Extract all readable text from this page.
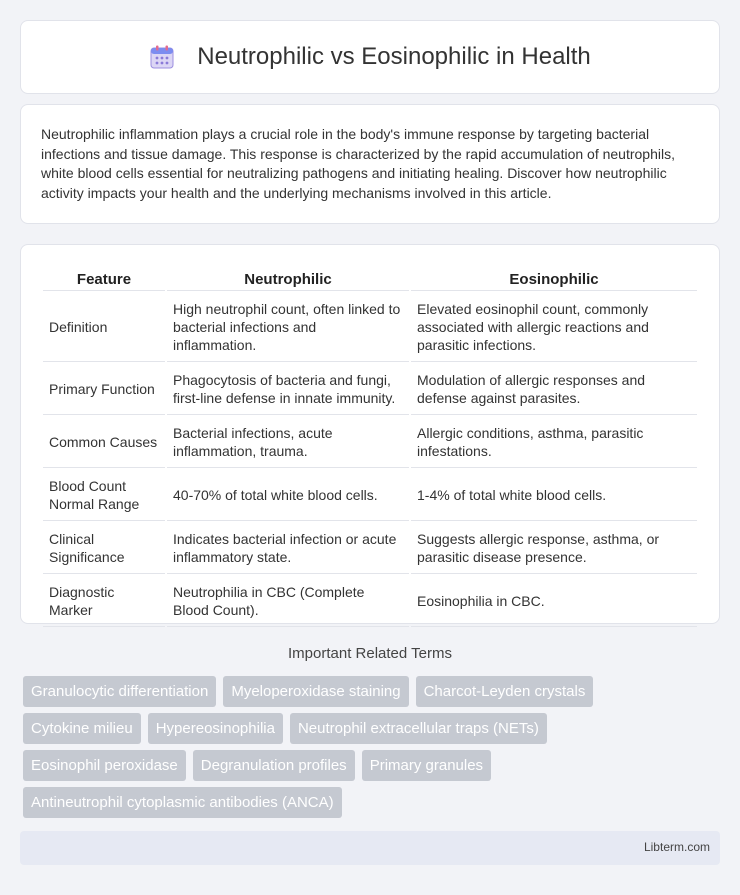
Neutrophilic vs Eosinophilic in Health

Neutrophilic inflammation plays a crucial role in the body's immune response by targeting bacterial infections and tissue damage. This response is characterized by the rapid accumulation of neutrophils, white blood cells essential for neutralizing pathogens and initiating healing. Discover how neutrophilic activity impacts your health and the underlying mechanisms involved in this article.

Feature	Neutrophilic	Eosinophilic
Definition	High neutrophil count, often linked to bacterial infections and inflammation.	Elevated eosinophil count, commonly associated with allergic reactions and parasitic infections.
Primary Function	Phagocytosis of bacteria and fungi, first-line defense in innate immunity.	Modulation of allergic responses and defense against parasites.
Common Causes	Bacterial infections, acute inflammation, trauma.	Allergic conditions, asthma, parasitic infestations.
Blood Count Normal Range	40-70% of total white blood cells.	1-4% of total white blood cells.
Clinical Significance	Indicates bacterial infection or acute inflammatory state.	Suggests allergic response, asthma, or parasitic disease presence.
Diagnostic Marker	Neutrophilia in CBC (Complete Blood Count).	Eosinophilia in CBC.
Important Related Terms
Granulocytic differentiation	Myeloperoxidase staining	Charcot-Leyden crystals
Cytokine milieu	Hypereosinophilia	Neutrophil extracellular traps (NETs)
Eosinophil peroxidase	Degranulation profiles	Primary granules
Antineutrophil cytoplasmic antibodies (ANCA)
Libterm.com
